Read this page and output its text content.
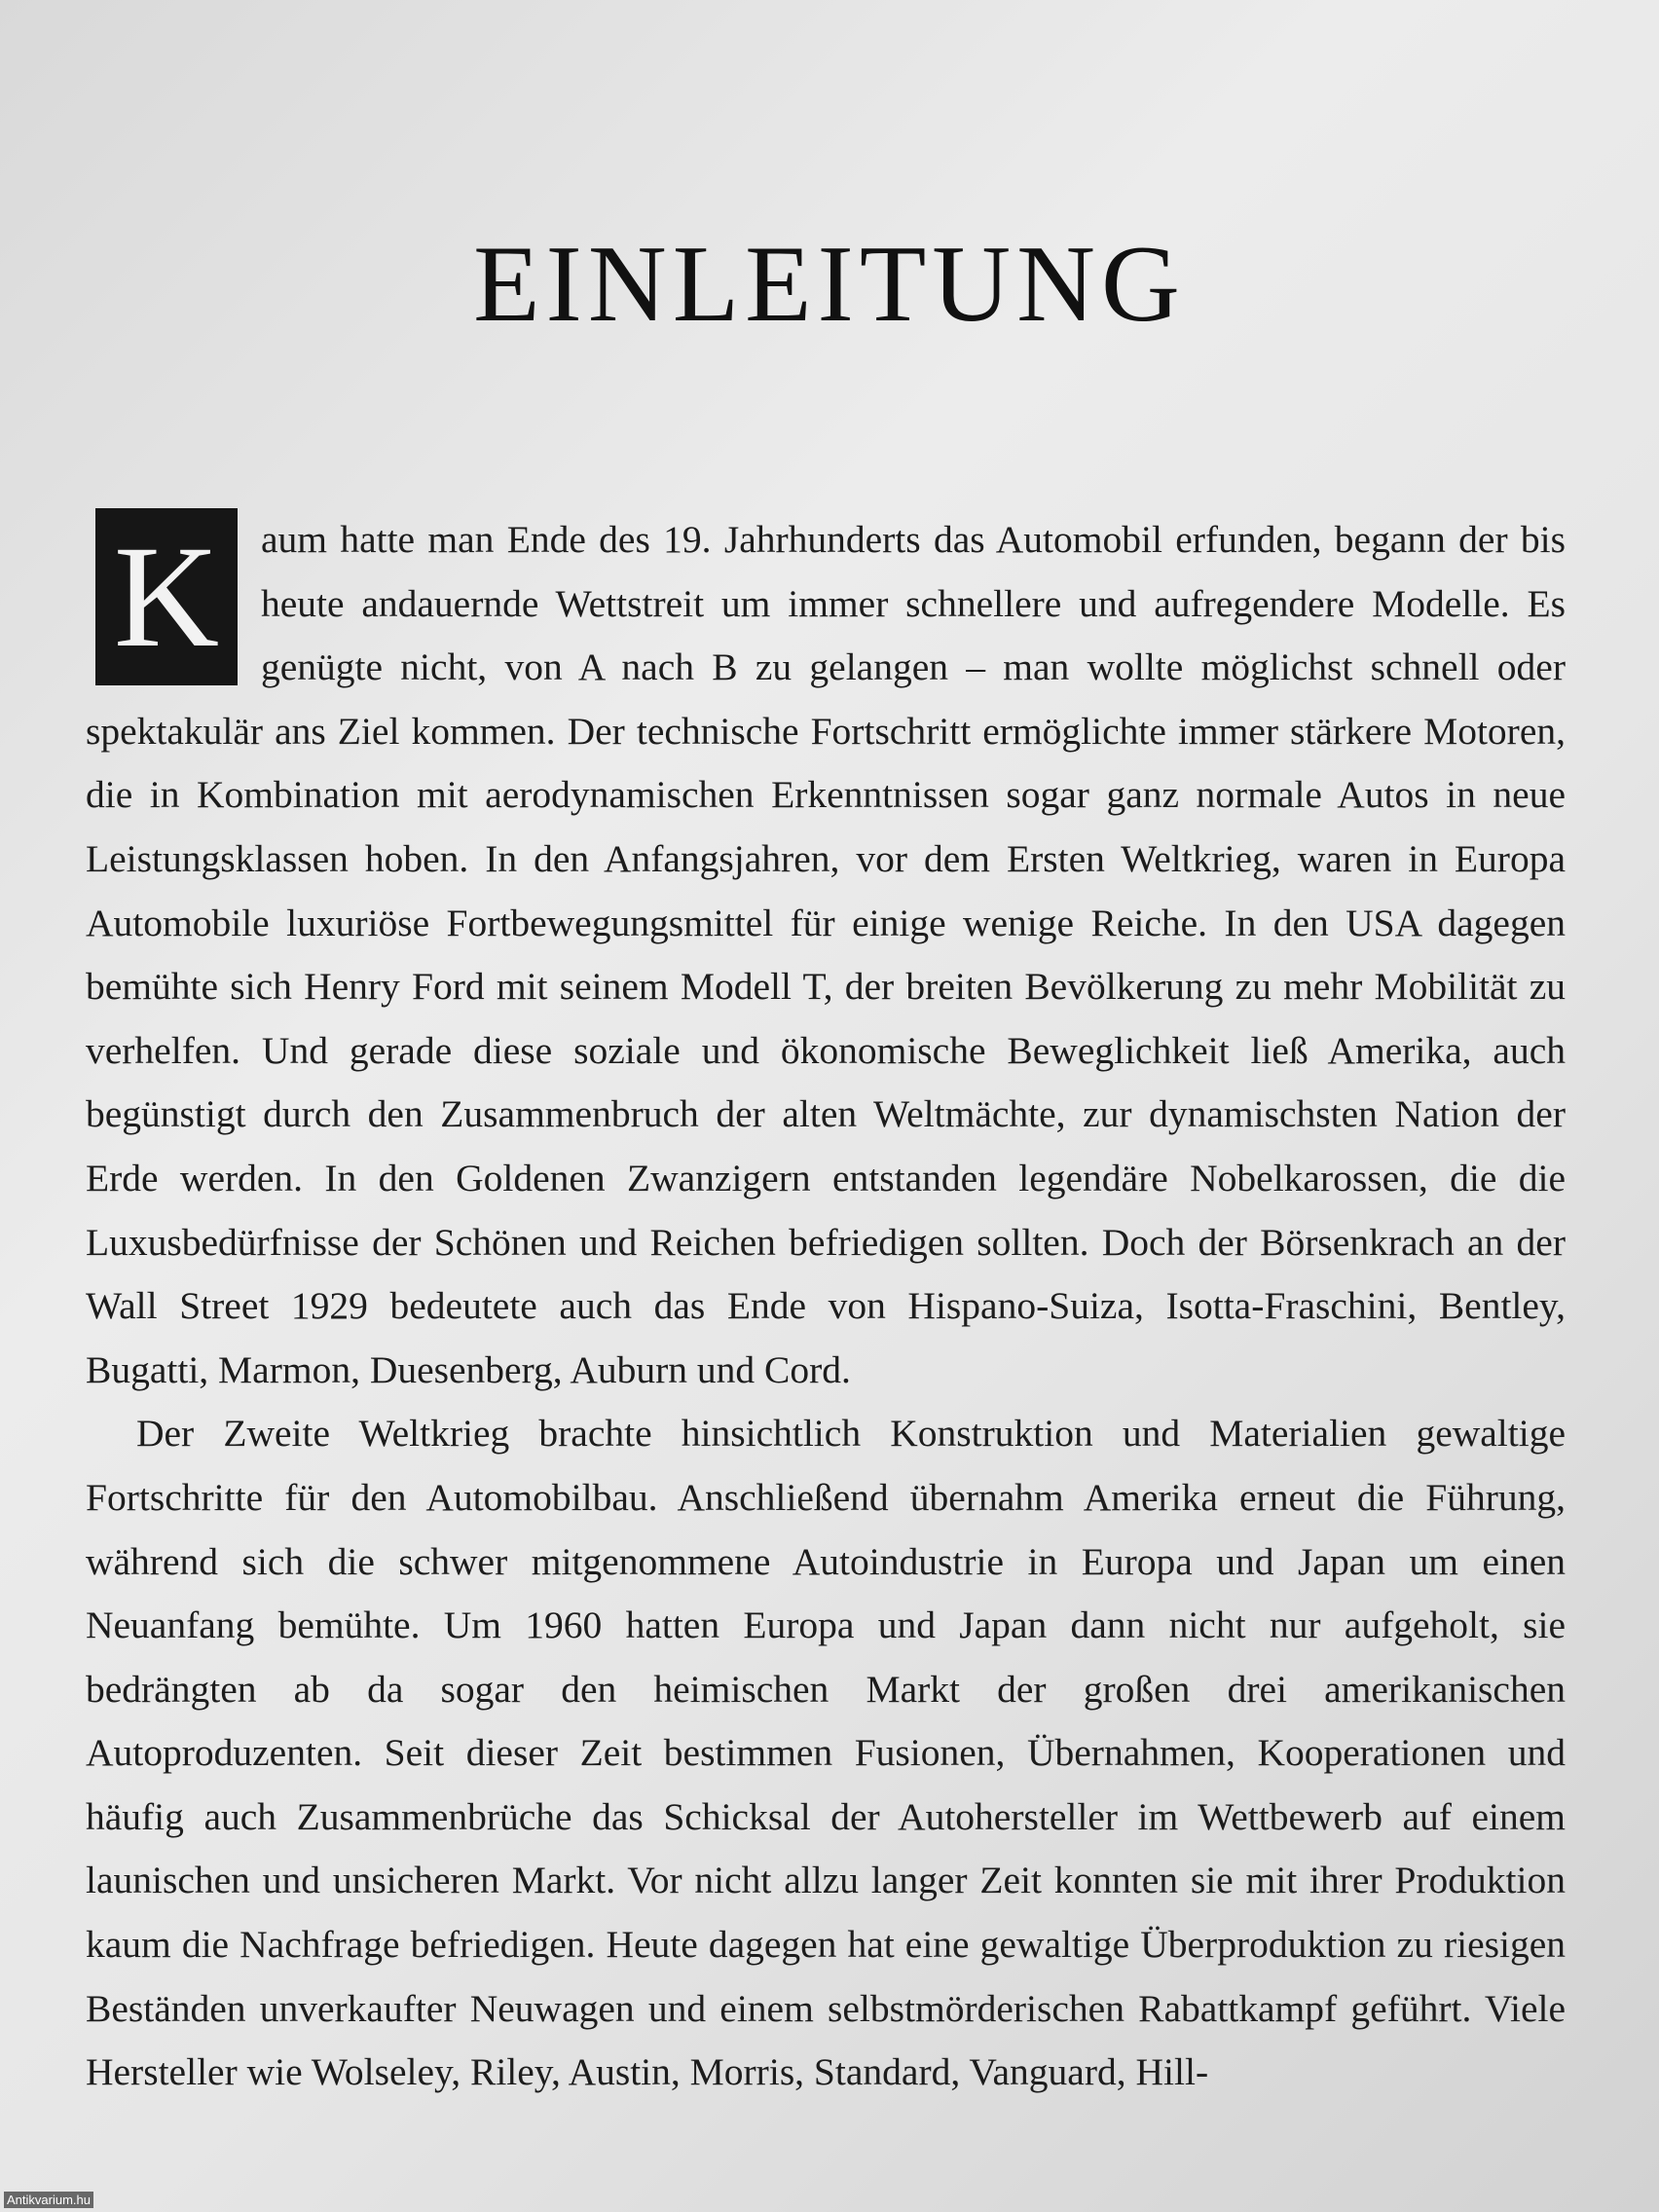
EINLEITUNG

K	aum hatte man Ende des 19. Jahrhunderts das Automobil erfunden, begann der bis heute andauernde Wettstreit um immer schnellere und aufregendere Modelle. Es genügte nicht, von A nach B zu gelangen – man wollte möglichst schnell oder spektakulär ans Ziel kommen. Der technische Fortschritt ermöglichte immer stärkere Motoren, die in Kombination mit aerodynamischen Erkenntnissen sogar ganz normale Autos in neue Leistungsklassen hoben. In den Anfangsjahren, vor dem Ersten Weltkrieg, waren in Europa Automobile luxuriöse Fortbewegungsmittel für einige wenige Reiche. In den USA dagegen bemühte sich Henry Ford mit seinem Modell T, der breiten Bevölkerung zu mehr Mobilität zu verhelfen. Und gerade diese soziale und ökonomische Beweglichkeit ließ Amerika, auch begünstigt durch den Zusammenbruch der alten Weltmächte, zur dynamischsten Nation der Erde werden. In den Goldenen Zwanzigern entstanden legendäre Nobelkarossen, die die Luxusbedürfnisse der Schönen und Reichen befriedigen sollten. Doch der Börsenkrach an der Wall Street 1929 bedeutete auch das Ende von Hispano-Suiza, Isotta-Fraschini, Bentley, Bugatti, Marmon, Duesenberg, Auburn und Cord.

Der Zweite Weltkrieg brachte hinsichtlich Konstruktion und Materialien gewaltige Fortschritte für den Automobilbau. Anschließend übernahm Amerika erneut die Führung, während sich die schwer mitgenommene Autoindustrie in Europa und Japan um einen Neuanfang bemühte. Um 1960 hatten Europa und Japan dann nicht nur aufgeholt, sie bedrängten ab da sogar den heimischen Markt der großen drei amerikanischen Autoproduzenten. Seit dieser Zeit bestimmen Fusionen, Übernahmen, Kooperationen und häufig auch Zusammenbrüche das Schicksal der Autohersteller im Wettbewerb auf einem launischen und unsicheren Markt. Vor nicht allzu langer Zeit konnten sie mit ihrer Produktion kaum die Nachfrage befriedigen. Heute dagegen hat eine gewaltige Überproduktion zu riesigen Beständen unverkaufter Neuwagen und einem selbstmörderischen Rabattkampf geführt. Viele Hersteller wie Wolseley, Riley, Austin, Morris, Standard, Vanguard, Hill-

Antikvarium.hu
